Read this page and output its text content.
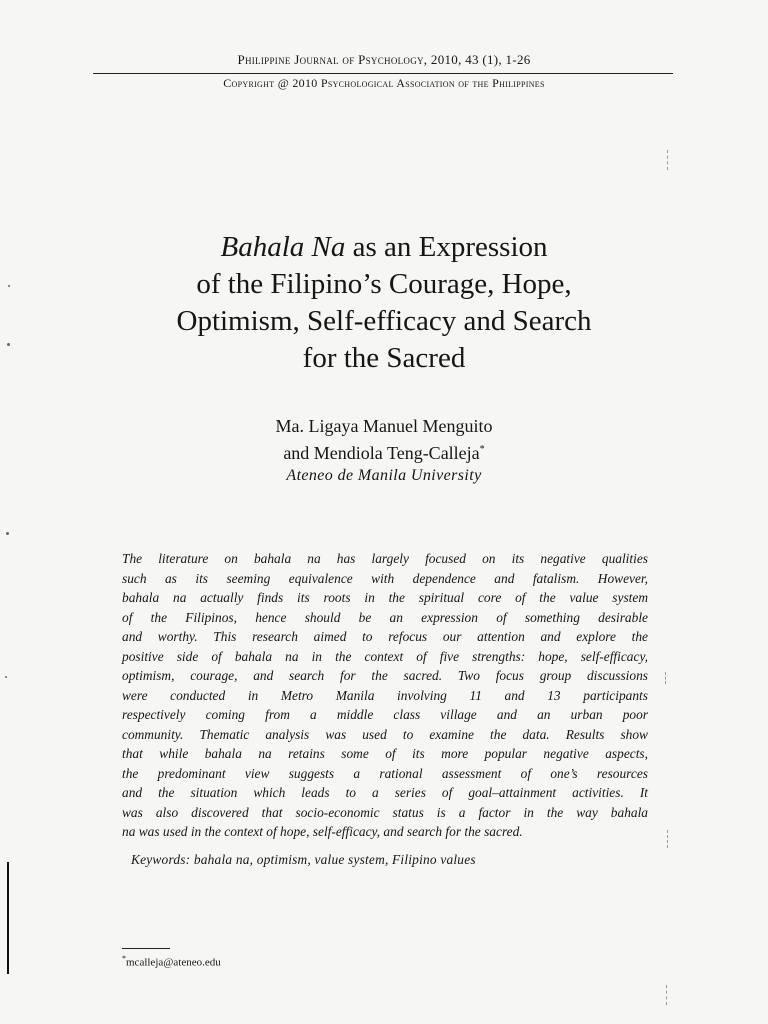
Philippine Journal of Psychology, 2010, 43 (1), 1-26
Copyright @ 2010 Psychological Association of the Philippines
Bahala Na as an Expression
of the Filipino’s Courage, Hope,
Optimism, Self-efficacy and Search
for the Sacred
Ma. Ligaya Manuel Menguito
and Mendiola Teng-Calleja*
Ateneo de Manila University
The literature on bahala na has largely focused on its negative qualities
such as its seeming equivalence with dependence and fatalism. However,
bahala na actually finds its roots in the spiritual core of the value system
of the Filipinos, hence should be an expression of something desirable
and worthy. This research aimed to refocus our attention and explore the
positive side of bahala na in the context of five strengths: hope, self-efficacy,
optimism, courage, and search for the sacred. Two focus group discussions
were conducted in Metro Manila involving 11 and 13 participants
respectively coming from a middle class village and an urban poor
community. Thematic analysis was used to examine the data. Results show
that while bahala na retains some of its more popular negative aspects,
the predominant view suggests a rational assessment of one’s resources
and the situation which leads to a series of goal–attainment activities. It
was also discovered that socio-economic status is a factor in the way bahala
na was used in the context of hope, self-efficacy, and search for the sacred.
Keywords: bahala na, optimism, value system, Filipino values
*mcalleja@ateneo.edu
